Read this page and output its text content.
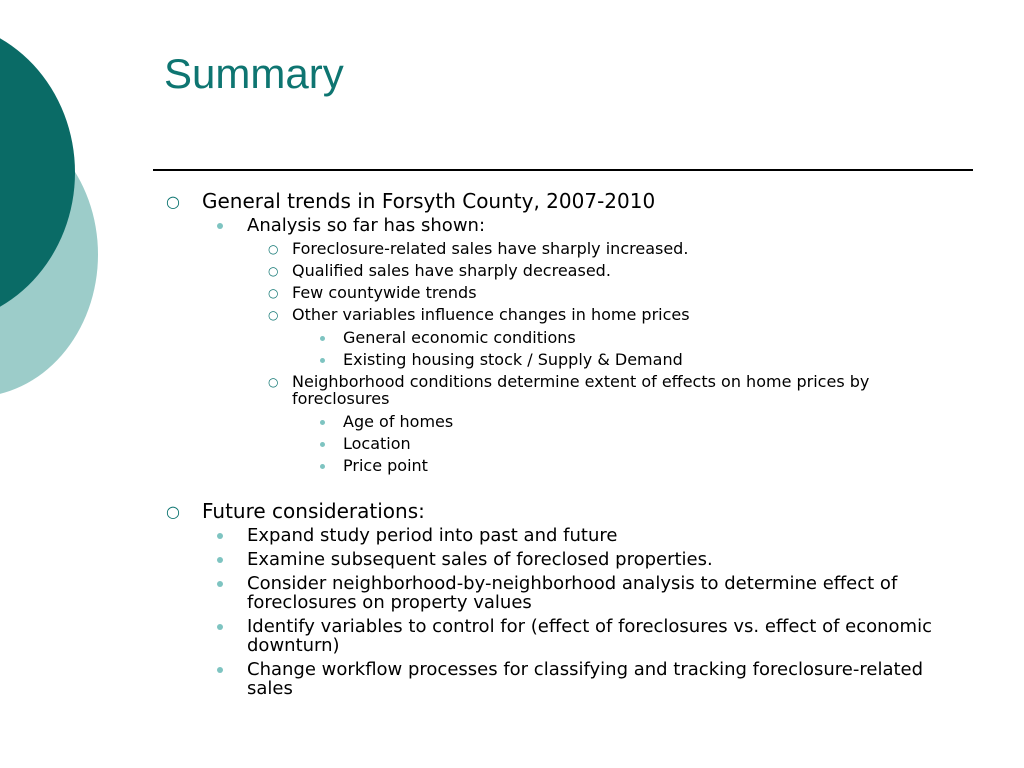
Summary
○ General trends in Forsyth County, 2007-2010
Analysis so far has shown:
○ Foreclosure-related sales have sharply increased.
○ Qualified sales have sharply decreased.
○ Few countywide trends
○ Other variables influence changes in home prices
General economic conditions
Existing housing stock / Supply & Demand
○ Neighborhood conditions determine extent of effects on home prices by foreclosures
Age of homes
Location
Price point
○ Future considerations:
Expand study period into past and future
Examine subsequent sales of foreclosed properties.
Consider neighborhood-by-neighborhood analysis to determine effect of foreclosures on property values
Identify variables to control for (effect of foreclosures vs. effect of economic downturn)
Change workflow processes for classifying and tracking foreclosure-related sales
